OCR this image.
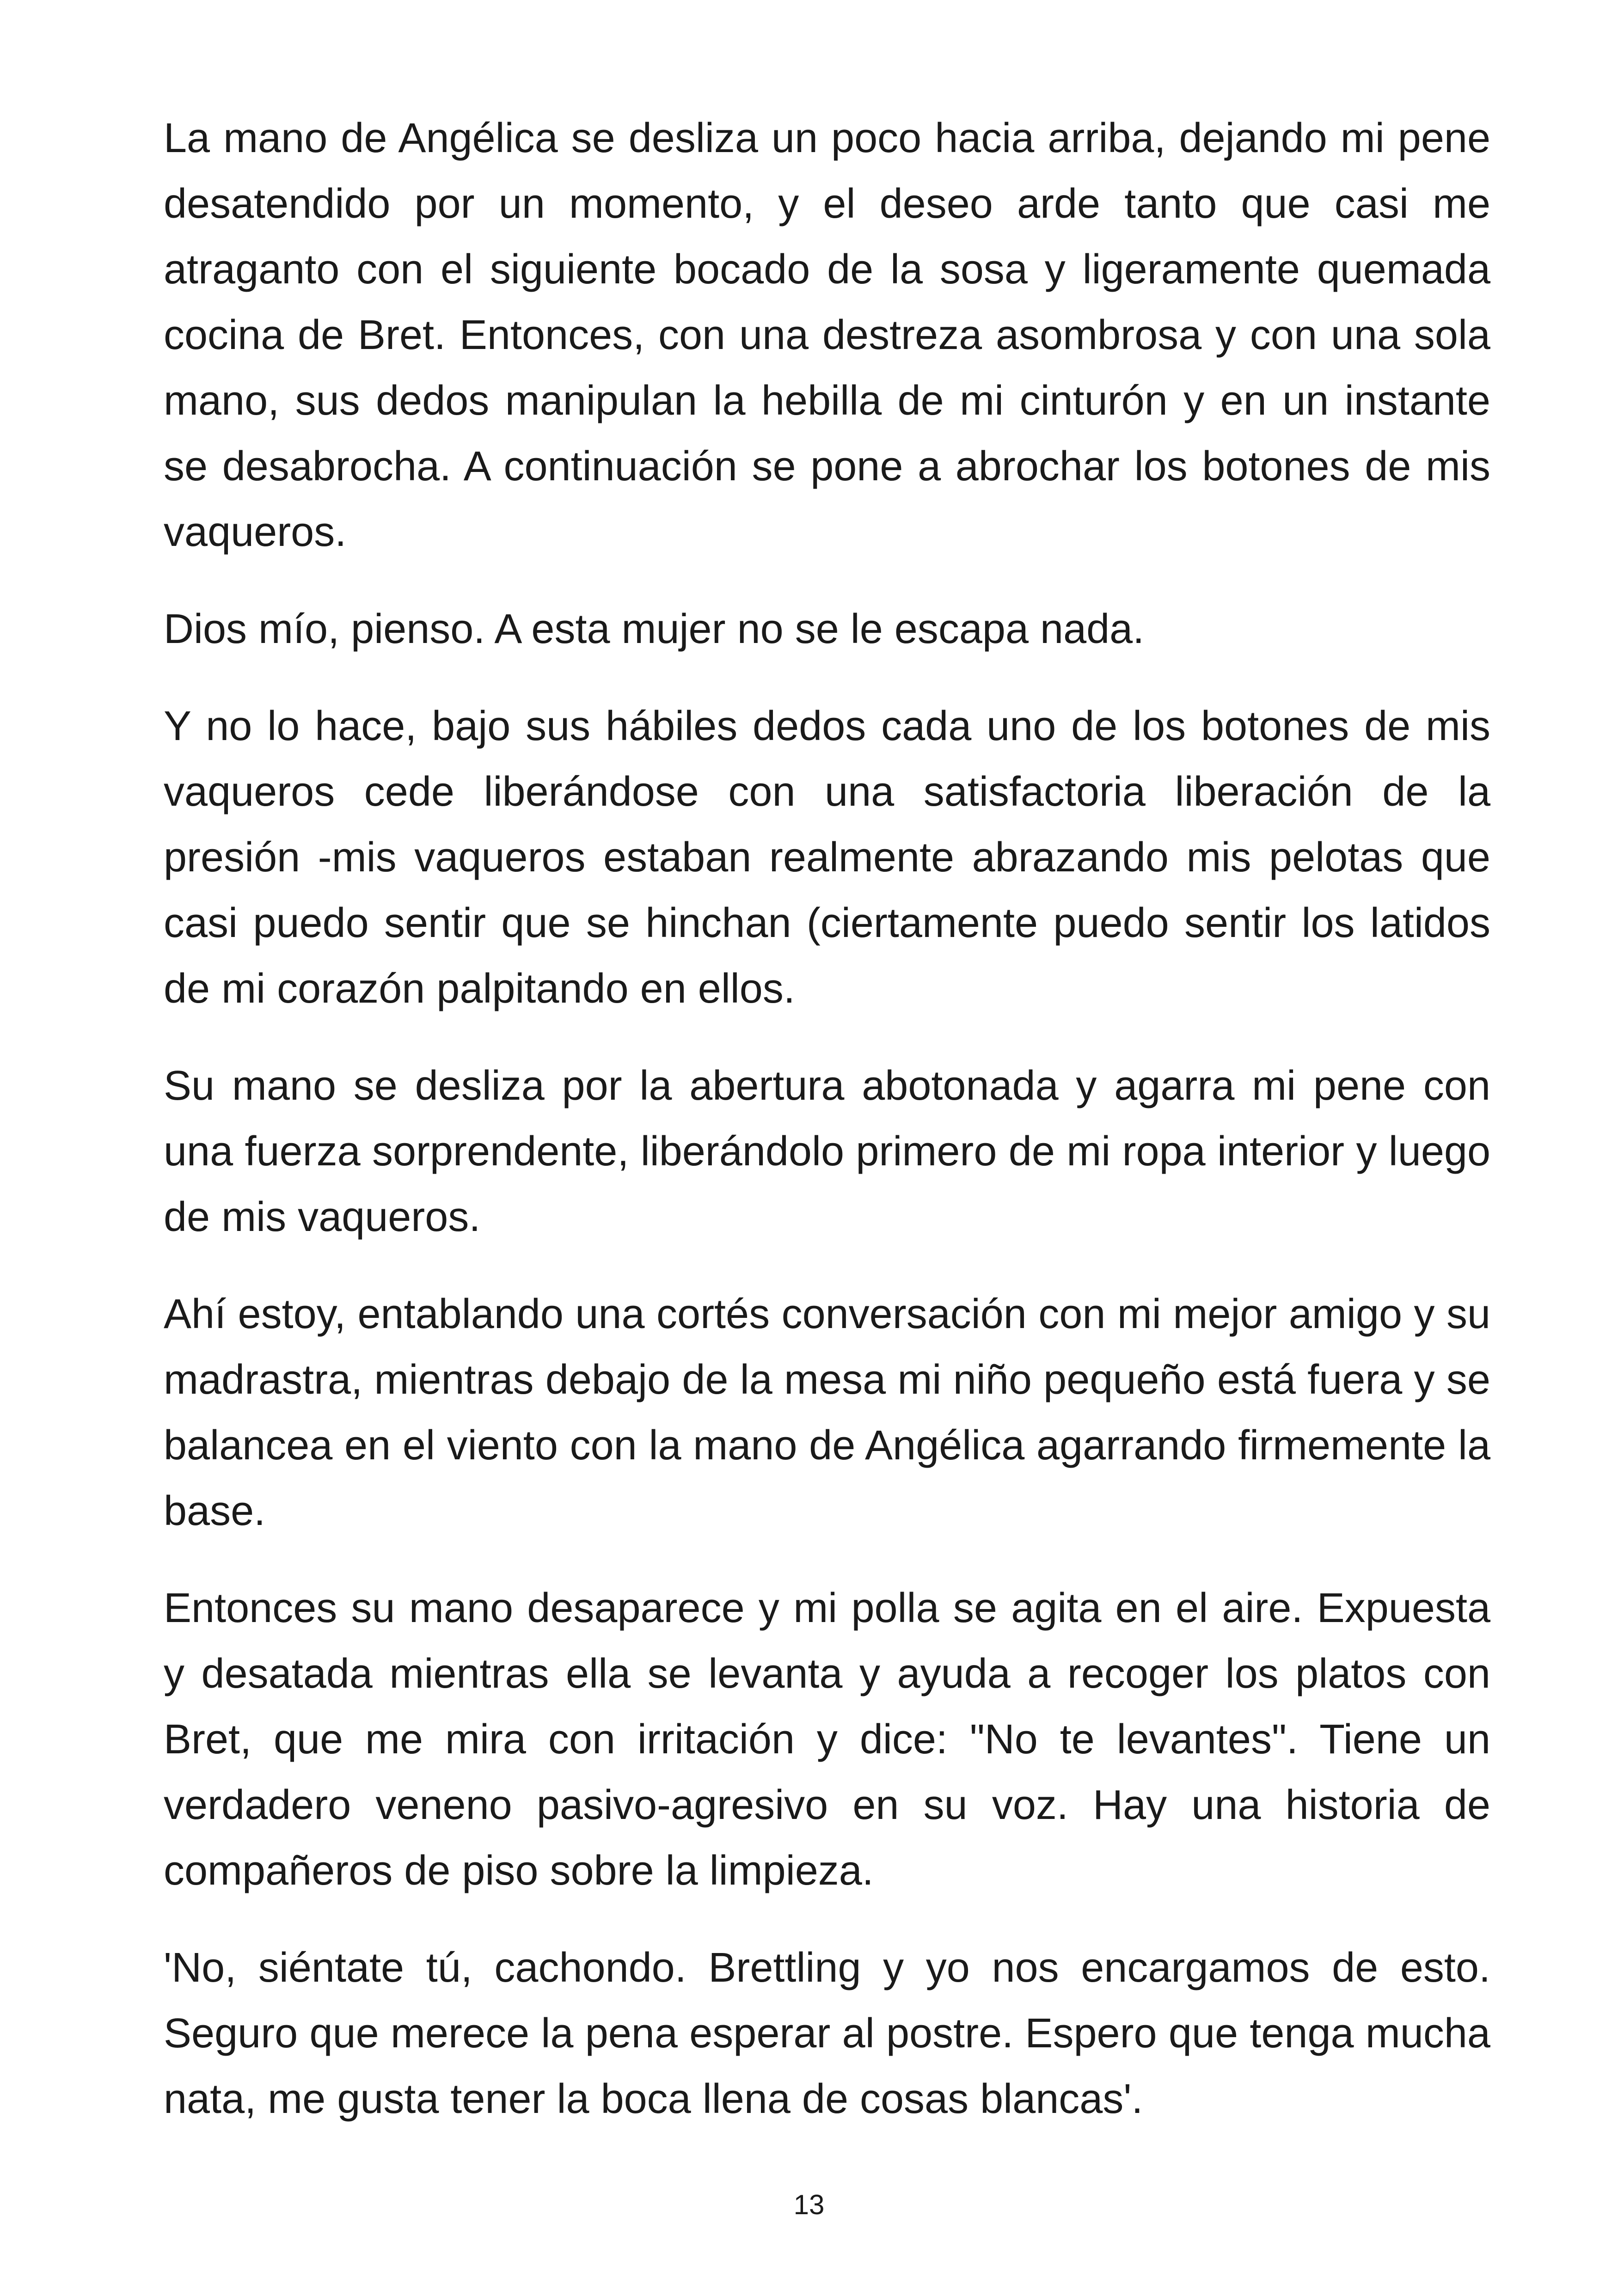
La mano de Angélica se desliza un poco hacia arriba, dejando mi pene desatendido por un momento, y el deseo arde tanto que casi me atraganto con el siguiente bocado de la sosa y ligeramente quemada cocina de Bret. Entonces, con una destreza asombrosa y con una sola mano, sus dedos manipulan la hebilla de mi cinturón y en un instante se desabrocha. A continuación se pone a abrochar los botones de mis vaqueros.

Dios mío, pienso. A esta mujer no se le escapa nada.

Y no lo hace, bajo sus hábiles dedos cada uno de los botones de mis vaqueros cede liberándose con una satisfactoria liberación de la presión -mis vaqueros estaban realmente abrazando mis pelotas que casi puedo sentir que se hinchan (ciertamente puedo sentir los latidos de mi corazón palpitando en ellos.

Su mano se desliza por la abertura abotonada y agarra mi pene con una fuerza sorprendente, liberándolo primero de mi ropa interior y luego de mis vaqueros.

Ahí estoy, entablando una cortés conversación con mi mejor amigo y su madrastra, mientras debajo de la mesa mi niño pequeño está fuera y se balancea en el viento con la mano de Angélica agarrando firmemente la base.

Entonces su mano desaparece y mi polla se agita en el aire. Expuesta y desatada mientras ella se levanta y ayuda a recoger los platos con Bret, que me mira con irritación y dice: "No te levantes". Tiene un verdadero veneno pasivo-agresivo en su voz. Hay una historia de compañeros de piso sobre la limpieza.

'No, siéntate tú, cachondo. Brettling y yo nos encargamos de esto. Seguro que merece la pena esperar al postre. Espero que tenga mucha nata, me gusta tener la boca llena de cosas blancas'.

13
